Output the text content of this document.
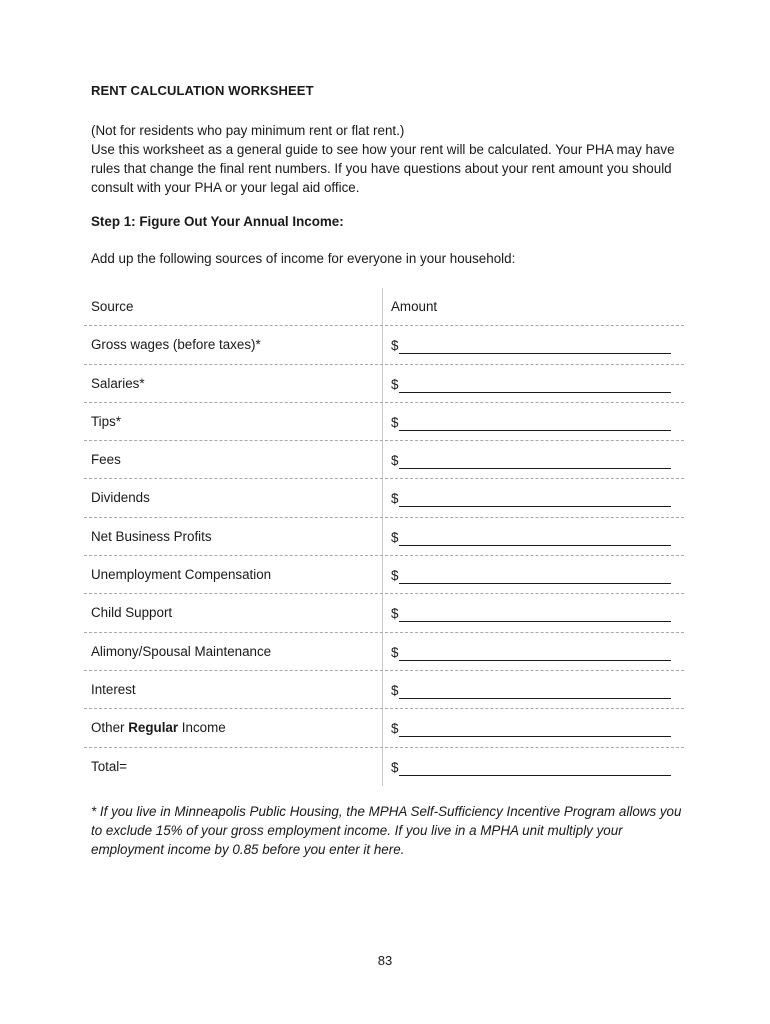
RENT CALCULATION WORKSHEET

(Not for residents who pay minimum rent or flat rent.)

Use this worksheet as a general guide to see how your rent will be calculated. Your PHA may have rules that change the final rent numbers. If you have questions about your rent amount you should consult with your PHA or your legal aid office.

Step 1: Figure Out Your Annual Income:
Add up the following sources of income for everyone in your household:
Source	Amount
Gross wages (before taxes)*	$
Salaries*	$
Tips*	$
Fees	$
Dividends	$
Net Business Profits	$
Unemployment Compensation	$
Child Support	$
Alimony/Spousal Maintenance	$
Interest	$
Other Regular Income	$
Total=	$
* If you live in Minneapolis Public Housing, the MPHA Self-Sufficiency Incentive Program allows you to exclude 15% of your gross employment income. If you live in a MPHA unit multiply your employment income by 0.85 before you enter it here.
83
